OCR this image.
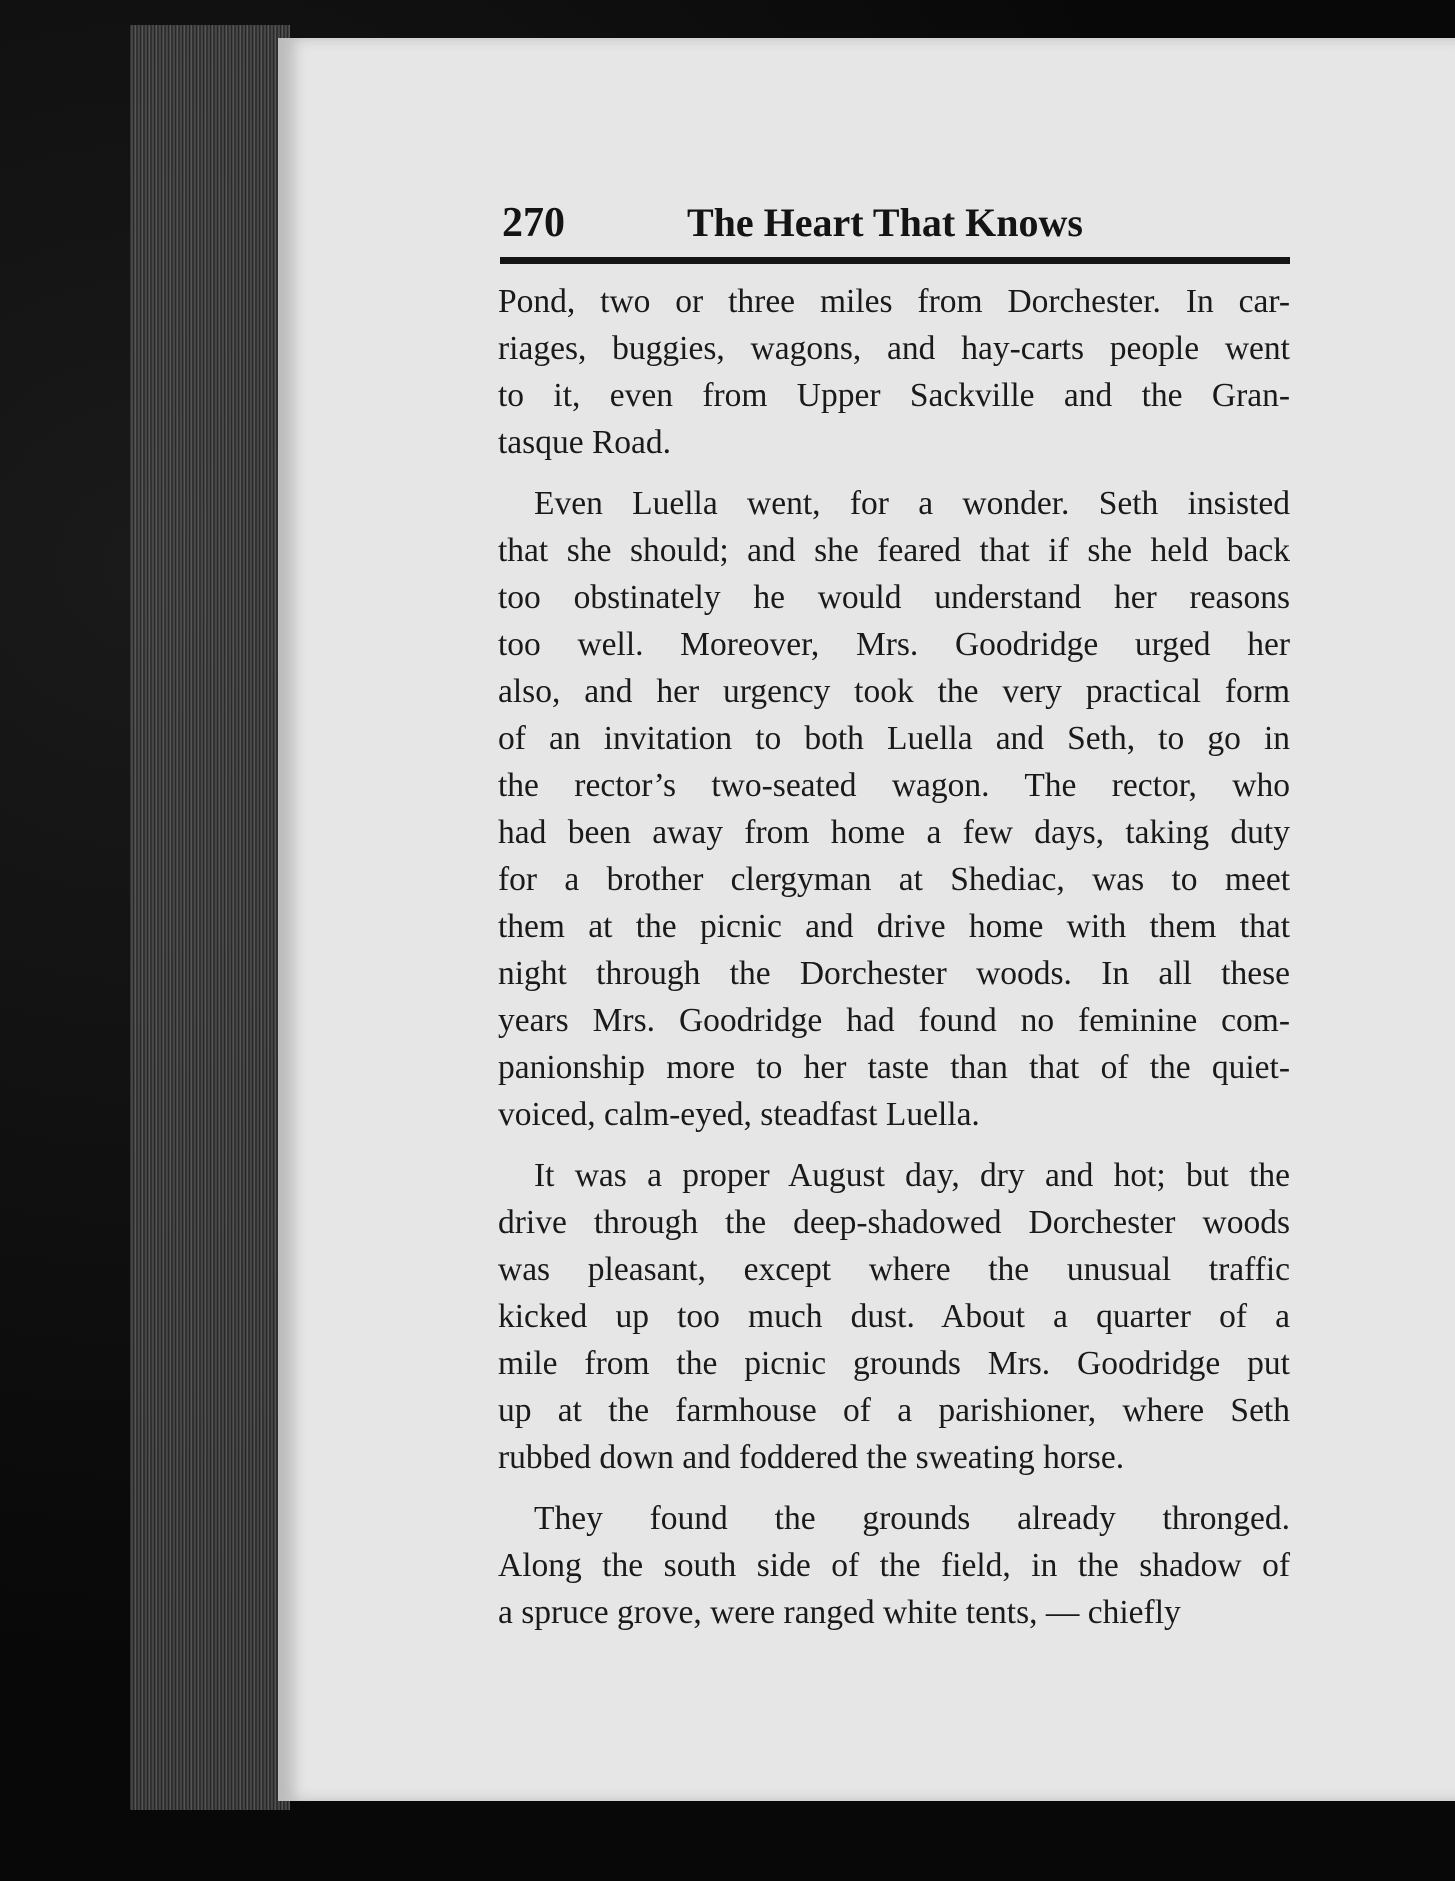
270	The Heart That Knows
Pond, two or three miles from Dorchester. In car-
riages, buggies, wagons, and hay-carts people went
to it, even from Upper Sackville and the Gran-
tasque Road.
Even Luella went, for a wonder. Seth insisted
that she should; and she feared that if she held back
too obstinately he would understand her reasons
too well. Moreover, Mrs. Goodridge urged her
also, and her urgency took the very practical form
of an invitation to both Luella and Seth, to go in
the rector’s two-seated wagon. The rector, who
had been away from home a few days, taking duty
for a brother clergyman at Shediac, was to meet
them at the picnic and drive home with them that
night through the Dorchester woods. In all these
years Mrs. Goodridge had found no feminine com-
panionship more to her taste than that of the quiet-
voiced, calm-eyed, steadfast Luella.
It was a proper August day, dry and hot; but the
drive through the deep-shadowed Dorchester woods
was pleasant, except where the unusual traffic
kicked up too much dust. About a quarter of a
mile from the picnic grounds Mrs. Goodridge put
up at the farmhouse of a parishioner, where Seth
rubbed down and foddered the sweating horse.
They found the grounds already thronged.
Along the south side of the field, in the shadow of
a spruce grove, were ranged white tents, — chiefly
